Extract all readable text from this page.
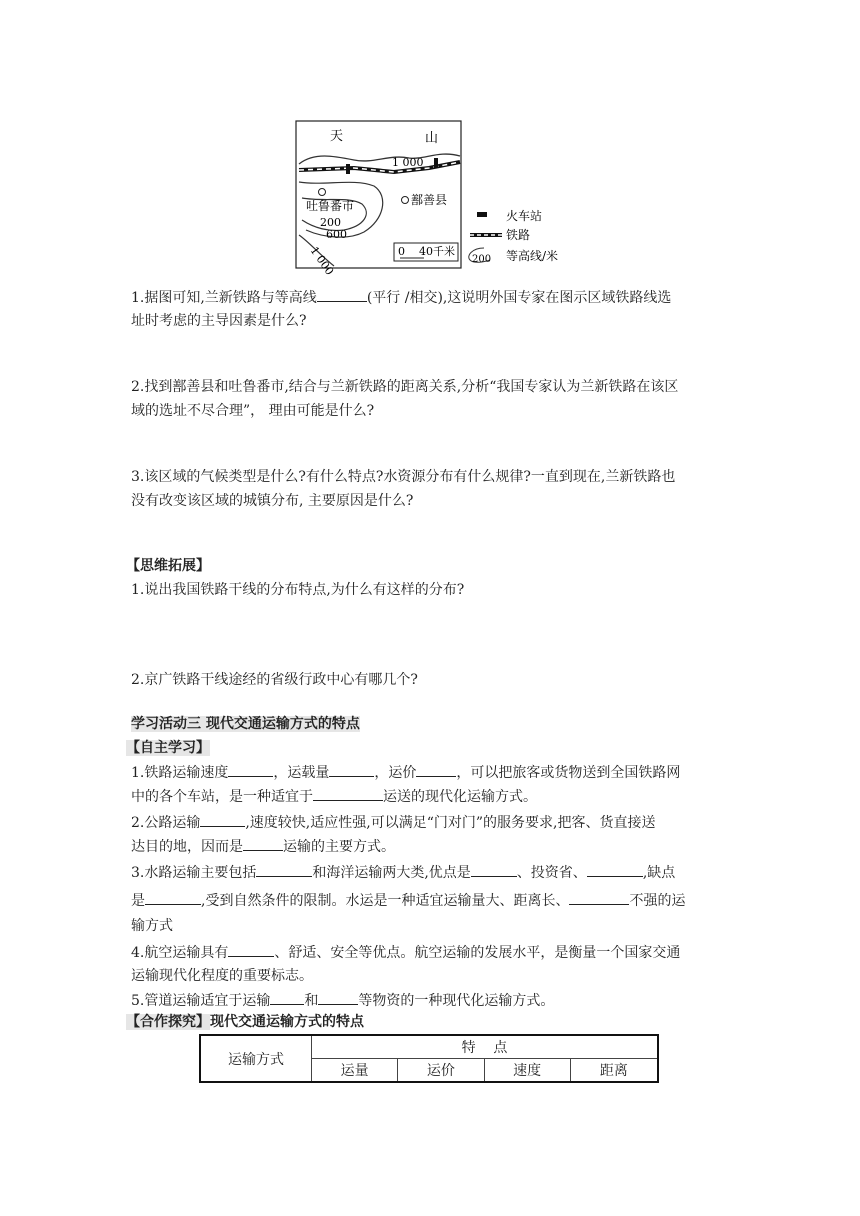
天	山
1 000
鄯善县
吐鲁番市
200
600
1 000	0    40千米
火车站
铁路
200 等高线/米
1.据图可知,兰新铁路与等高线	(平行 /相交),这说明外国专家在图示区域铁路线选
址时考虑的主导因素是什么?
2.找到鄯善县和吐鲁番市,结合与兰新铁路的距离关系,分析“我国专家认为兰新铁路在该区
域的选址不尽合理”， 理由可能是什么?
3.该区域的气候类型是什么?有什么特点?水资源分布有什么规律?一直到现在,兰新铁路也
没有改变该区域的城镇分布, 主要原因是什么?
【思维拓展】
1.说出我国铁路干线的分布特点,为什么有这样的分布?
2.京广铁路干线途经的省级行政中心有哪几个?
学习活动三 现代交通运输方式的特点
【自主学习】
1.铁路运输速度	，运载量	，运价	，可以把旅客或货物送到全国铁路网
中的各个车站，是一种适宜于	运送的现代化运输方式。
2.公路运输	,速度较快,适应性强,可以满足“门对门”的服务要求,把客、货直接送
达目的地，因而是	运输的主要方式。
3.水路运输主要包括	和海洋运输两大类,优点是	、投资省、	,缺点
是	,受到自然条件的限制。水运是一种适宜运输量大、距离长、	不强的运
输方式
4.航空运输具有	、舒适、安全等优点。航空运输的发展水平，是衡量一个国家交通
运输现代化程度的重要标志。
5.管道运输适宜于运输 和	等物资的一种现代化运输方式。
【合作探究】现代交通运输方式的特点
运输方式	特    点			
	运量	运价	速度	距离
